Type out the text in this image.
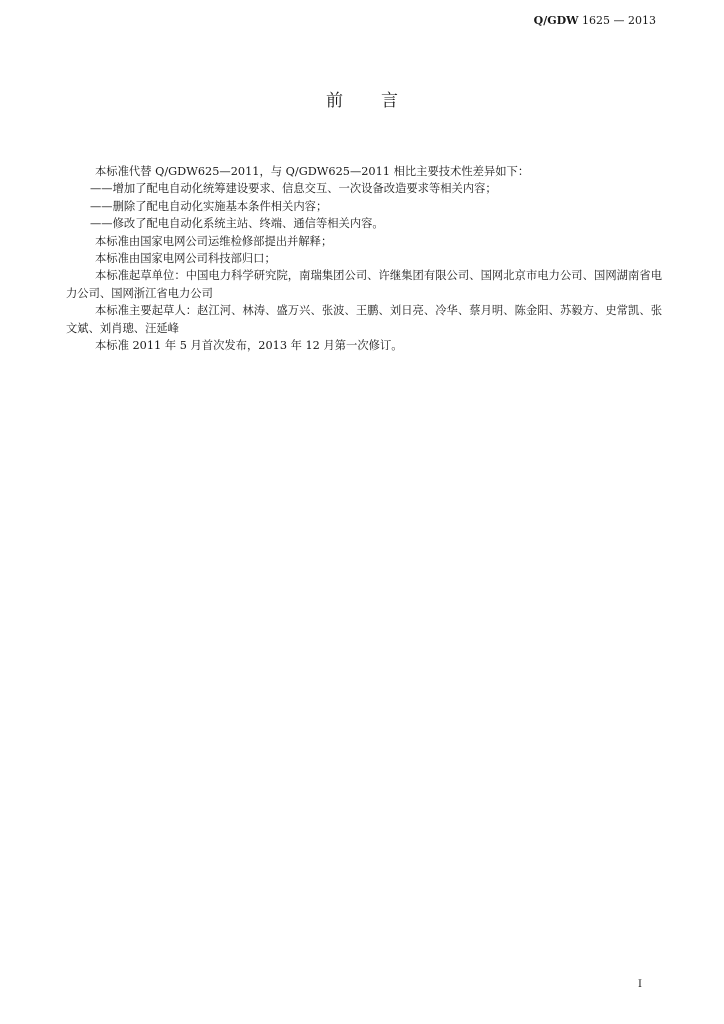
Q/GDW 1625 — 2013
前言

本标准代替 Q/GDW625—2011，与 Q/GDW625—2011 相比主要技术性差异如下：

——增加了配电自动化统筹建设要求、信息交互、一次设备改造要求等相关内容；

——删除了配电自动化实施基本条件相关内容；

——修改了配电自动化系统主站、终端、通信等相关内容。

本标准由国家电网公司运维检修部提出并解释；

本标准由国家电网公司科技部归口；

本标准起草单位：中国电力科学研究院，南瑞集团公司、许继集团有限公司、国网北京市电力公司、国网湖南省电力公司、国网浙江省电力公司

本标准主要起草人：赵江河、林涛、盛万兴、张波、王鹏、刘日亮、冷华、蔡月明、陈金阳、苏毅方、史常凯、张文斌、刘肖璁、汪延峰

本标准 2011 年 5 月首次发布，2013 年 12 月第一次修订。

I
